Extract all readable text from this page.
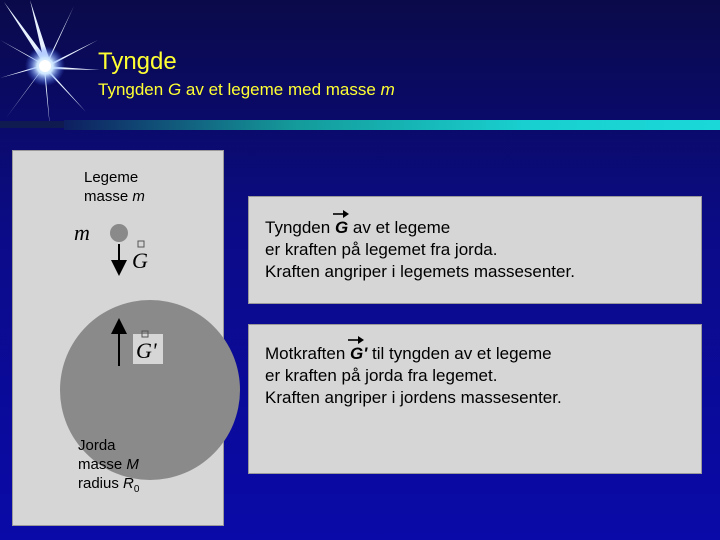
Tyngde
Tyngden G av et legeme med masse m
Legeme
masse m
m
G
G'
Jorda
masse M
radius $R_0$
Tyngden
G av et legeme
er kraften på legemet fra jorda.
Kraften angriper i legemets massesenter.
Motkraften
G' til tyngden av et legeme
er kraften på jorda fra legemet.
Kraften angriper i jordens massesenter.
